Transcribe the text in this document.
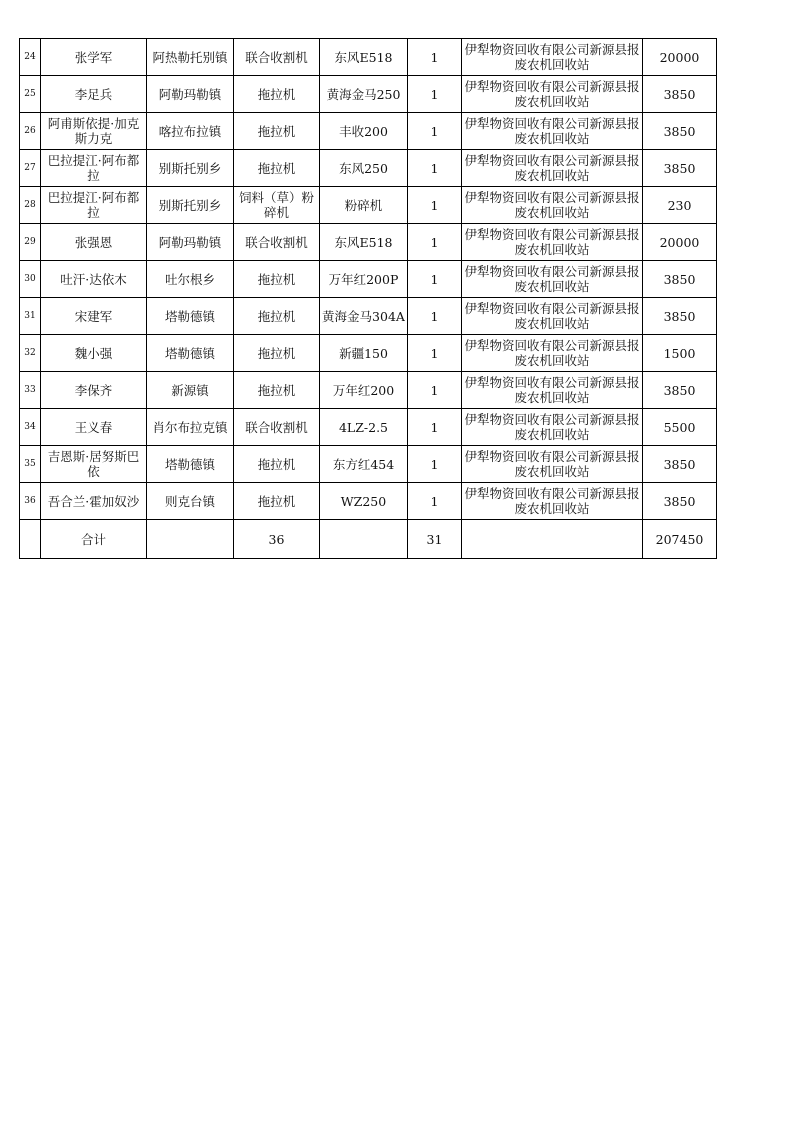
24	张学军	阿热勒托别镇	联合收割机	东风E518	1	伊犁物资回收有限公司新源县报废农机回收站	20000
25	李足兵	阿勒玛勒镇	拖拉机	黄海金马250	1	伊犁物资回收有限公司新源县报废农机回收站	3850
26	阿甫斯依提·加克斯力克	喀拉布拉镇	拖拉机	丰收200	1	伊犁物资回收有限公司新源县报废农机回收站	3850
27	巴拉提江·阿布都拉	别斯托别乡	拖拉机	东风250	1	伊犁物资回收有限公司新源县报废农机回收站	3850
28	巴拉提江·阿布都拉	别斯托别乡	饲料（草）粉碎机	粉碎机	1	伊犁物资回收有限公司新源县报废农机回收站	230
29	张强恩	阿勒玛勒镇	联合收割机	东风E518	1	伊犁物资回收有限公司新源县报废农机回收站	20000
30	吐汗·达依木	吐尔根乡	拖拉机	万年红200P	1	伊犁物资回收有限公司新源县报废农机回收站	3850
31	宋建军	塔勒德镇	拖拉机	黄海金马304A	1	伊犁物资回收有限公司新源县报废农机回收站	3850
32	魏小强	塔勒德镇	拖拉机	新疆150	1	伊犁物资回收有限公司新源县报废农机回收站	1500
33	李保齐	新源镇	拖拉机	万年红200	1	伊犁物资回收有限公司新源县报废农机回收站	3850
34	王义春	肖尔布拉克镇	联合收割机	4LZ-2.5	1	伊犁物资回收有限公司新源县报废农机回收站	5500
35	吉恩斯·居努斯巴依	塔勒德镇	拖拉机	东方红454	1	伊犁物资回收有限公司新源县报废农机回收站	3850
36	吾合兰·霍加奴沙	则克台镇	拖拉机	WZ250	1	伊犁物资回收有限公司新源县报废农机回收站	3850
	合计		36		31		207450
